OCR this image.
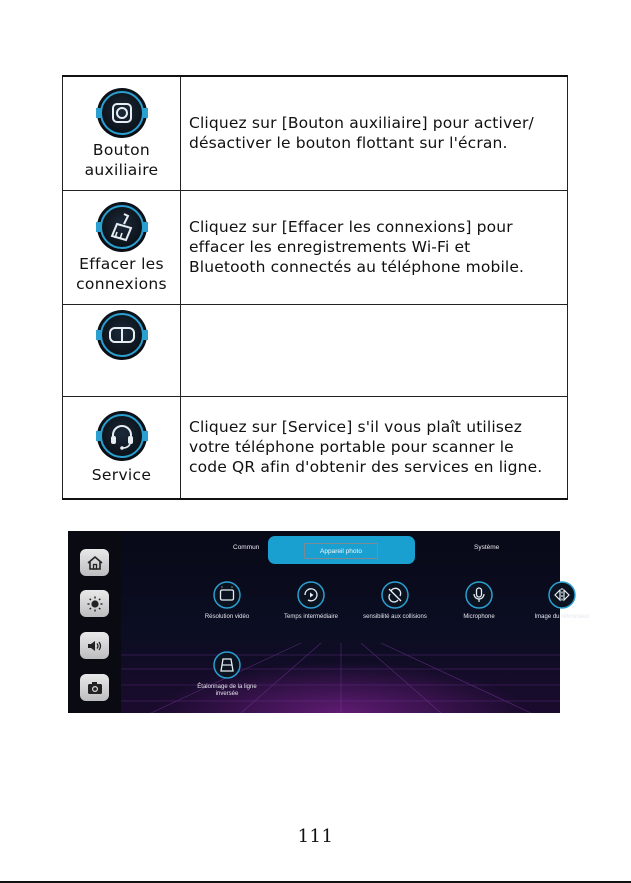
Bouton
auxiliaire	Cliquez sur [Bouton auxiliaire] pour activer/
désactiver le bouton flottant sur l'écran.

Effacer les
connexions	Cliquez sur [Effacer les connexions] pour
effacer les enregistrements Wi-Fi et
Bluetooth connectés au téléphone mobile.

Service	Cliquez sur [Service] s'il vous plaît utilisez
votre téléphone portable pour scanner le
code QR afin d'obtenir des services en ligne.
Commun	Appareil photo	Système
Résolution vidéo	Temps intermédiaire	sensibilité aux collisions	Microphone	Image du rétroviseur
Étalonnage de la ligne
inversée
111
